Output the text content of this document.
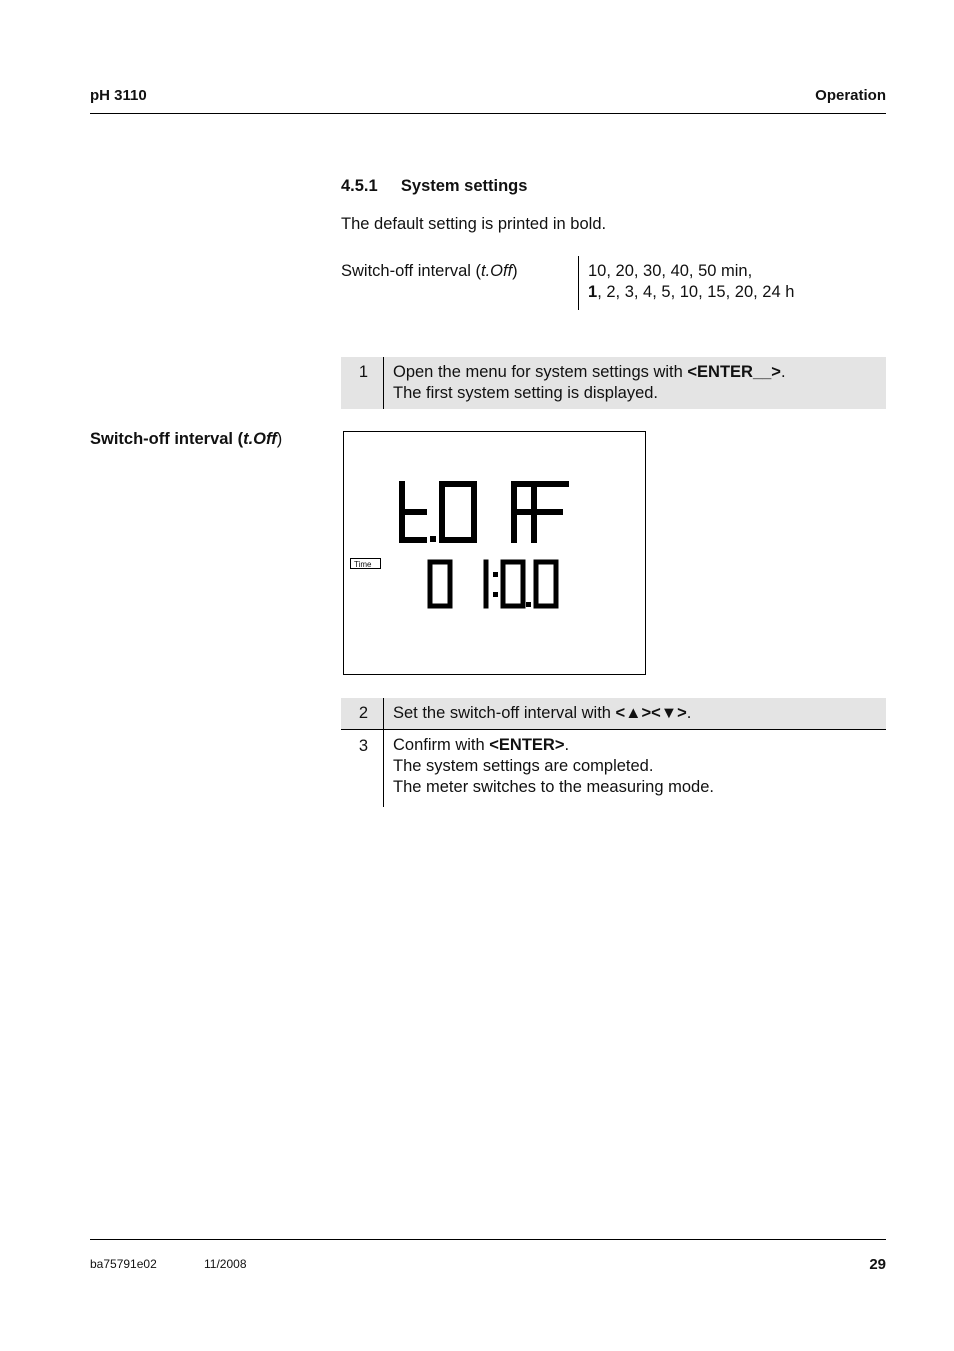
pH 3110	Operation
4.5.1 System settings
The default setting is printed in bold.
Switch-off interval (t.Off)	10, 20, 30, 40, 50 min,
1, 2, 3, 4, 5, 10, 15, 20, 24 h
1	Open the menu for system settings with <ENTER__>.
The first system setting is displayed.
Switch-off interval (t.Off)
Time
2	Set the switch-off interval with <▲><▼>.
3	Confirm with <ENTER>.
The system settings are completed.
The meter switches to the measuring mode.
ba75791e02	11/2008	29
